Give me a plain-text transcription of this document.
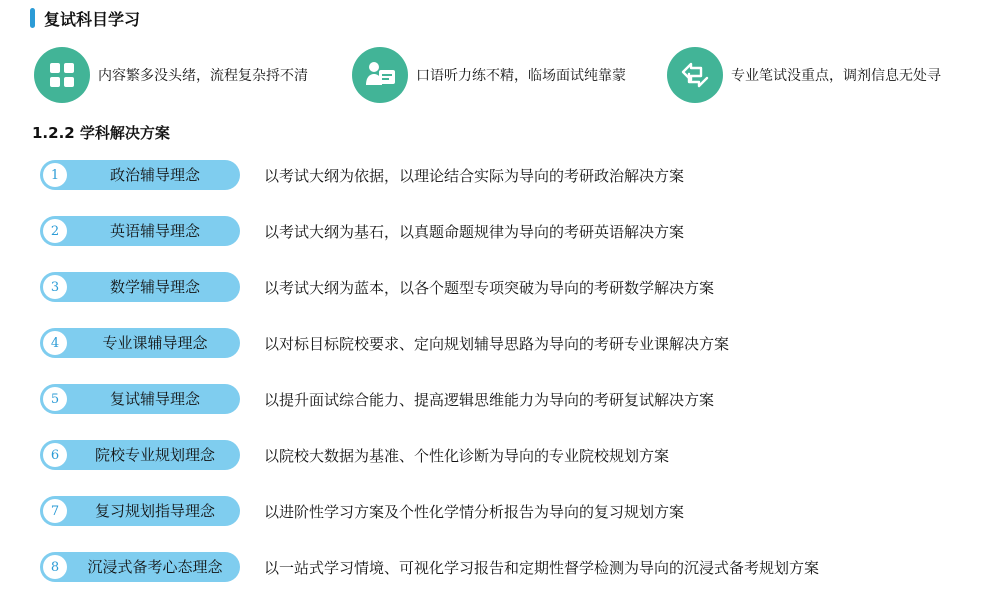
复试科目学习
内容繁多没头绪，流程复杂捋不清	口语听力练不精，临场面试纯靠蒙	专业笔试没重点，调剂信息无处寻
1.2.2 学科解决方案
1	政治辅导理念	以考试大纲为依据，以理论结合实际为导向的考研政治解决方案
2	英语辅导理念	以考试大纲为基石，以真题命题规律为导向的考研英语解决方案
3	数学辅导理念	以考试大纲为蓝本，以各个题型专项突破为导向的考研数学解决方案
4	专业课辅导理念	以对标目标院校要求、定向规划辅导思路为导向的考研专业课解决方案
5	复试辅导理念	以提升面试综合能力、提高逻辑思维能力为导向的考研复试解决方案
6	院校专业规划理念	以院校大数据为基准、个性化诊断为导向的专业院校规划方案
7	复习规划指导理念	以进阶性学习方案及个性化学情分析报告为导向的复习规划方案
8	沉浸式备考心态理念	以一站式学习情境、可视化学习报告和定期性督学检测为导向的沉浸式备考规划方案
